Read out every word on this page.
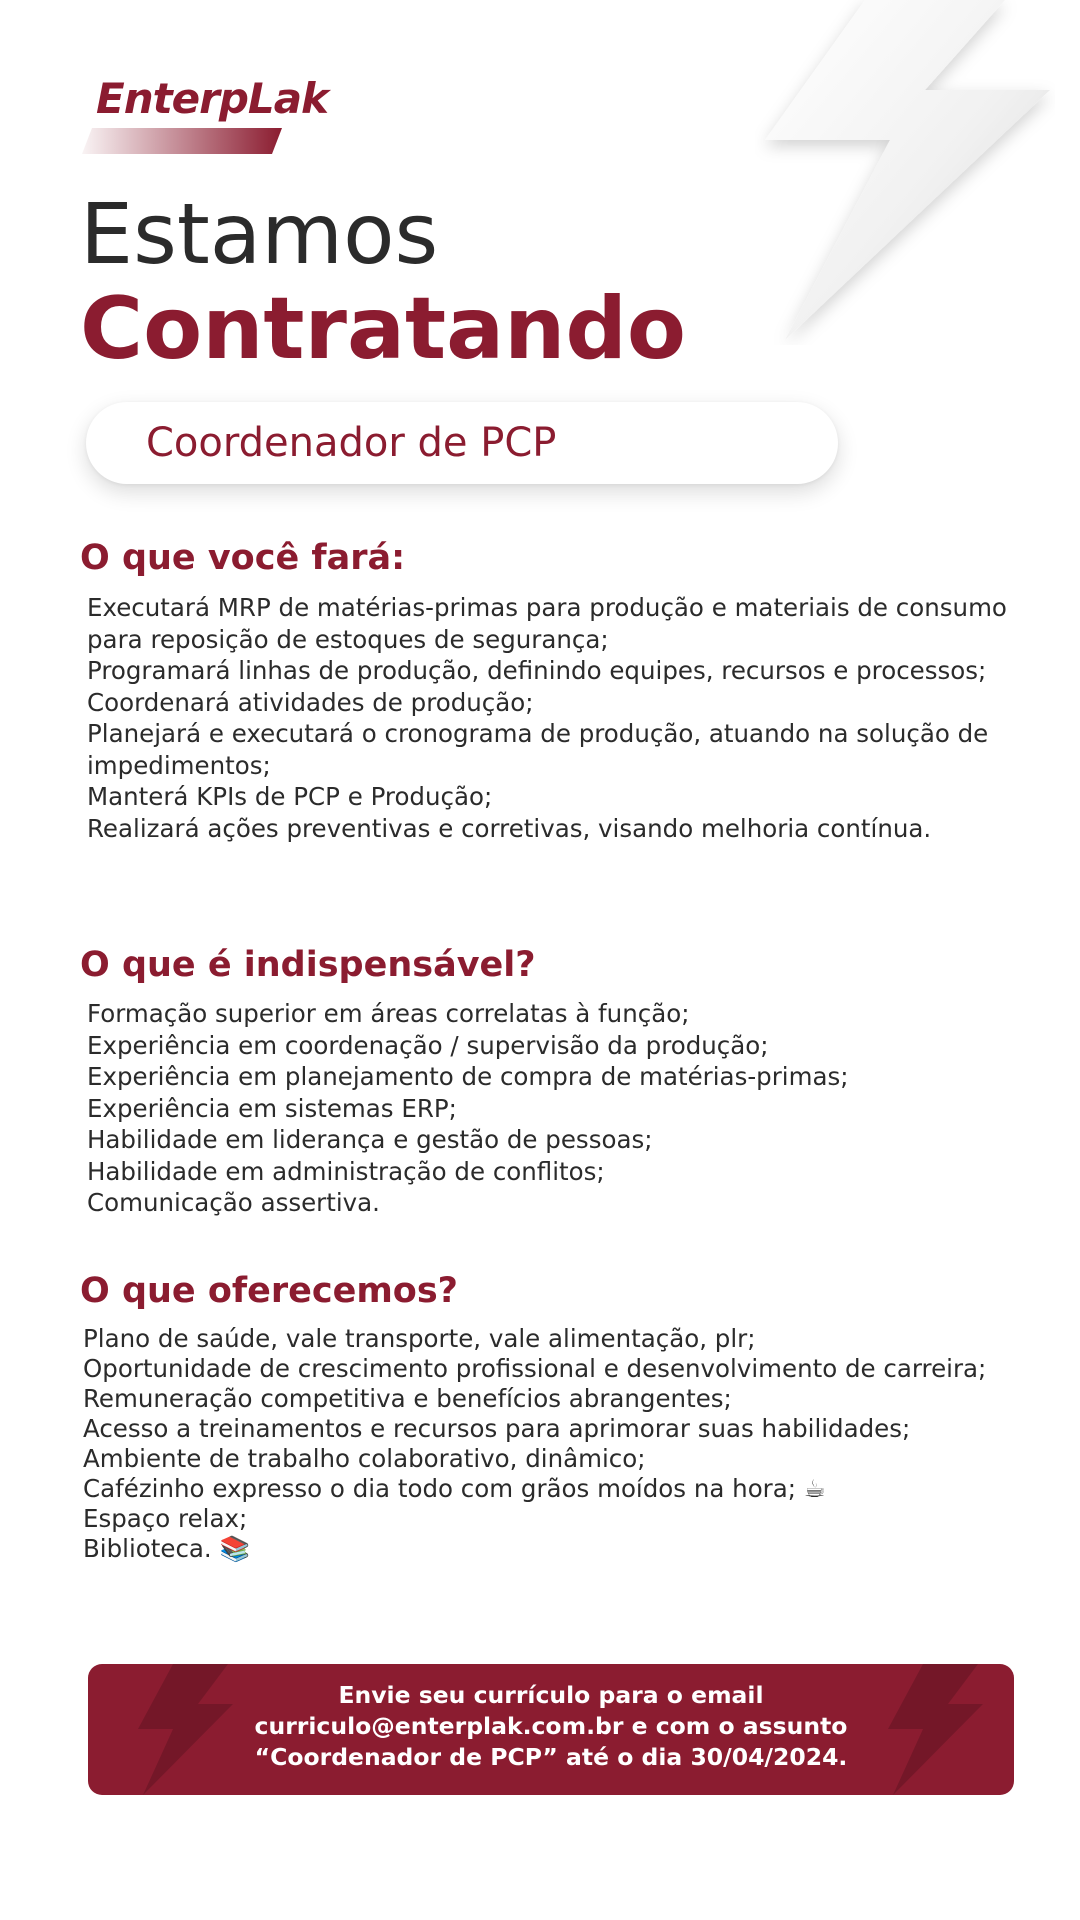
EnterpLak
Estamos
Contratando
Coordenador de PCP
O que você fará:
Executará MRP de matérias-primas para produção e materiais de consumo para reposição de estoques de segurança;
Programará linhas de produção, definindo equipes, recursos e processos;
Coordenará atividades de produção;
Planejará e executará o cronograma de produção, atuando na solução de impedimentos;
Manterá KPIs de PCP e Produção;
Realizará ações preventivas e corretivas, visando melhoria contínua.
O que é indispensável?
Formação superior em áreas correlatas à função;
Experiência em coordenação / supervisão da produção;
Experiência em planejamento de compra de matérias-primas;
Experiência em sistemas ERP;
Habilidade em liderança e gestão de pessoas;
Habilidade em administração de conflitos;
Comunicação assertiva.
O que oferecemos?
Plano de saúde, vale transporte, vale alimentação, plr;
Oportunidade de crescimento profissional e desenvolvimento de carreira;
Remuneração competitiva e benefícios abrangentes;
Acesso a treinamentos e recursos para aprimorar suas habilidades;
Ambiente de trabalho colaborativo, dinâmico;
Cafézinho expresso o dia todo com grãos moídos na hora; ☕
Espaço relax;
Biblioteca. 📚
Envie seu currículo para o email
curriculo@enterplak.com.br e com o assunto
“Coordenador de PCP” até o dia 30/04/2024.
